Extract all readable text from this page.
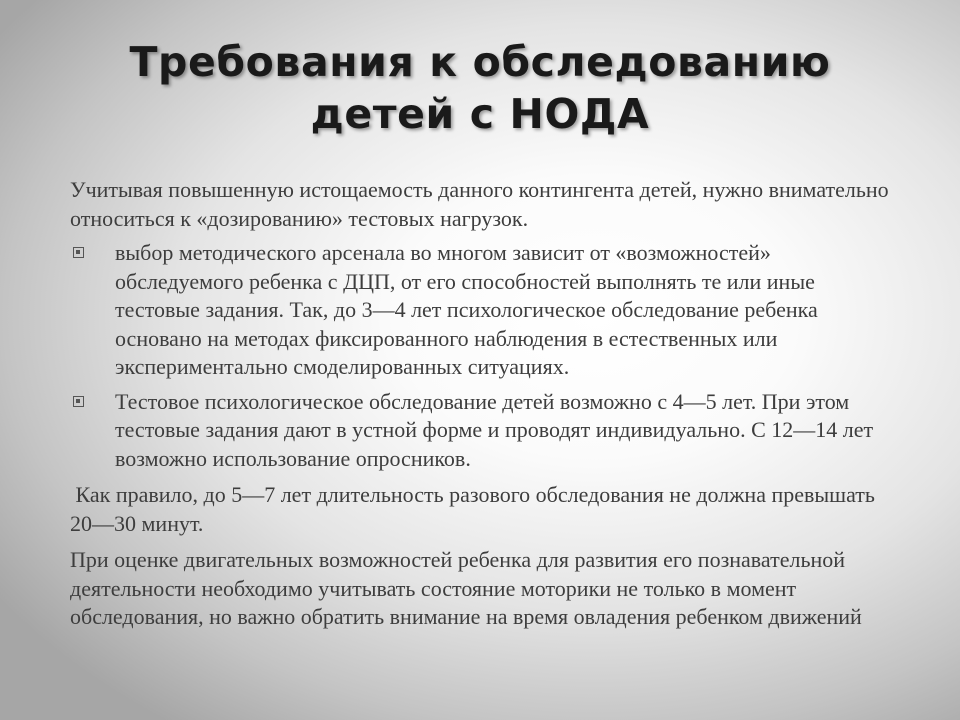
Требования к обследованию
детей с НОДА

Учитывая повышенную истощаемость данного контингента детей, нужно внимательно относиться к «дозированию» тестовых нагрузок.

выбор методического арсенала во многом зависит от «возможностей» обследуемого ребенка с ДЦП, от его способностей выполнять те или иные тестовые задания. Так, до 3—4 лет психологическое обследование ребенка основано на методах фиксированного наблюдения в естественных или экспериментально смоделированных ситуациях.
Тестовое психологическое обследование детей возможно с 4—5 лет. При этом тестовые задания дают в устной форме и проводят индивидуально. С 12—14 лет возможно использование опросников.

Как правило, до 5—7 лет длительность разового обследования не должна превышать 20—30 минут.

При оценке двигательных возможностей ребенка для развития его познавательной деятельности необходимо учитывать состояние моторики не только в момент обследования, но важно обратить внимание на время овладения ребенком движений
